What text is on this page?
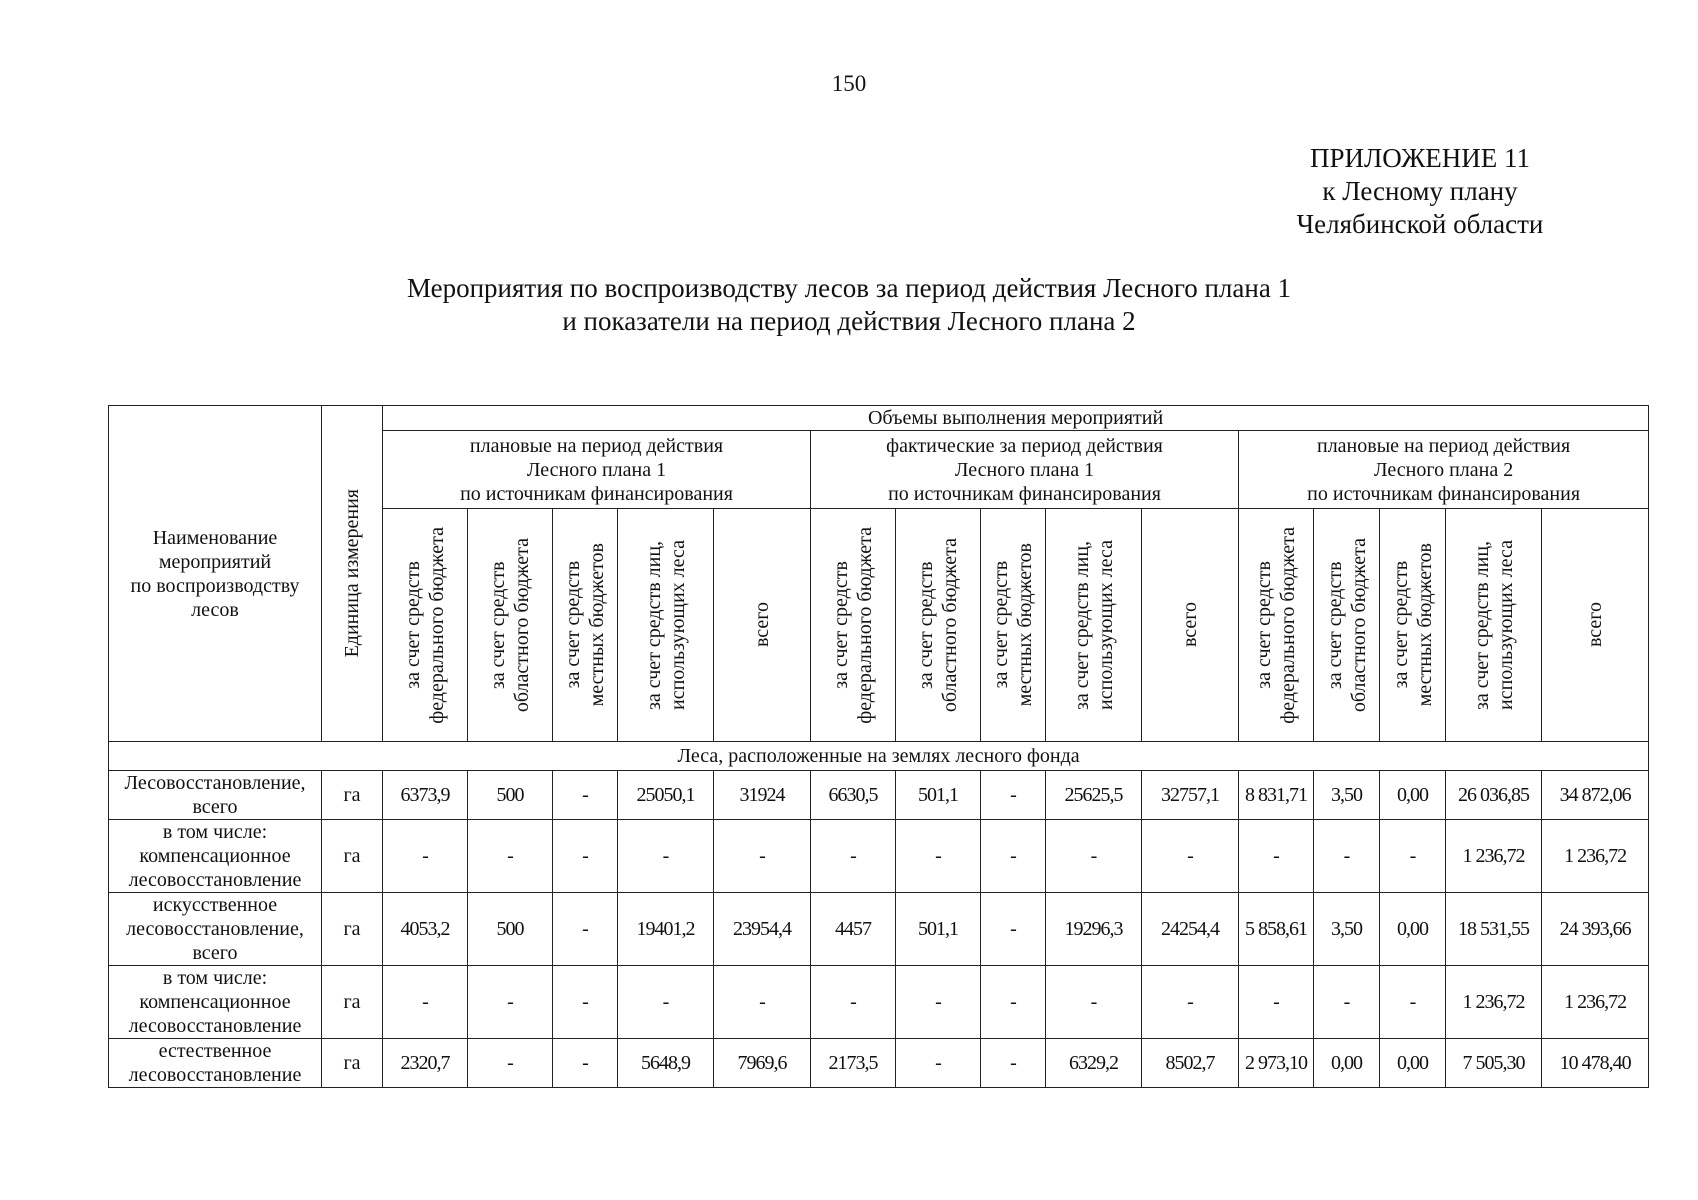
150
ПРИЛОЖЕНИЕ 11
к Лесному плану
Челябинской области
Мероприятия по воспроизводству лесов за период действия Лесного плана 1
и показатели на период действия Лесного плана 2
Наименование
мероприятий
по воспроизводству
лесов	Единица измерения	Объемы выполнения мероприятий														
		плановые на период действия
Лесного плана 1
по источникам финансирования					фактические за период действия
Лесного плана 1
по источникам финансирования					плановые на период действия
Лесного плана 2
по источникам финансирования				

		за счет средств
федерального бюджета	за счет средств
областного бюджета	за счет средств
местных бюджетов	за счет средств лиц,
использующих леса	всего	за счет средств
федерального бюджета	за счет средств
областного бюджета	за счет средств
местных бюджетов	за счет средств лиц,
использующих леса	всего	за счет средств
федерального бюджета	за счет средств
областного бюджета	за счет средств
местных бюджетов	за счет средств лиц,
использующих леса	всего

Леса, расположенные на землях лесного фонда																
Лесовосстановление,
всего	га	6373,9	500	-	25050,1	31924	6630,5	501,1	-	25625,5	32757,1	8 831,71	3,50	0,00	26 036,85	34 872,06
в том числе:
компенсационное
лесовосстановление	га	-	-	-	-	-	-	-	-	-	-	-	-	-	1 236,72	1 236,72
искусственное
лесовосстановление,
всего	га	4053,2	500	-	19401,2	23954,4	4457	501,1	-	19296,3	24254,4	5 858,61	3,50	0,00	18 531,55	24 393,66
в том числе:
компенсационное
лесовосстановление	га	-	-	-	-	-	-	-	-	-	-	-	-	-	1 236,72	1 236,72
естественное
лесовосстановление	га	2320,7	-	-	5648,9	7969,6	2173,5	-	-	6329,2	8502,7	2 973,10	0,00	0,00	7 505,30	10 478,40
